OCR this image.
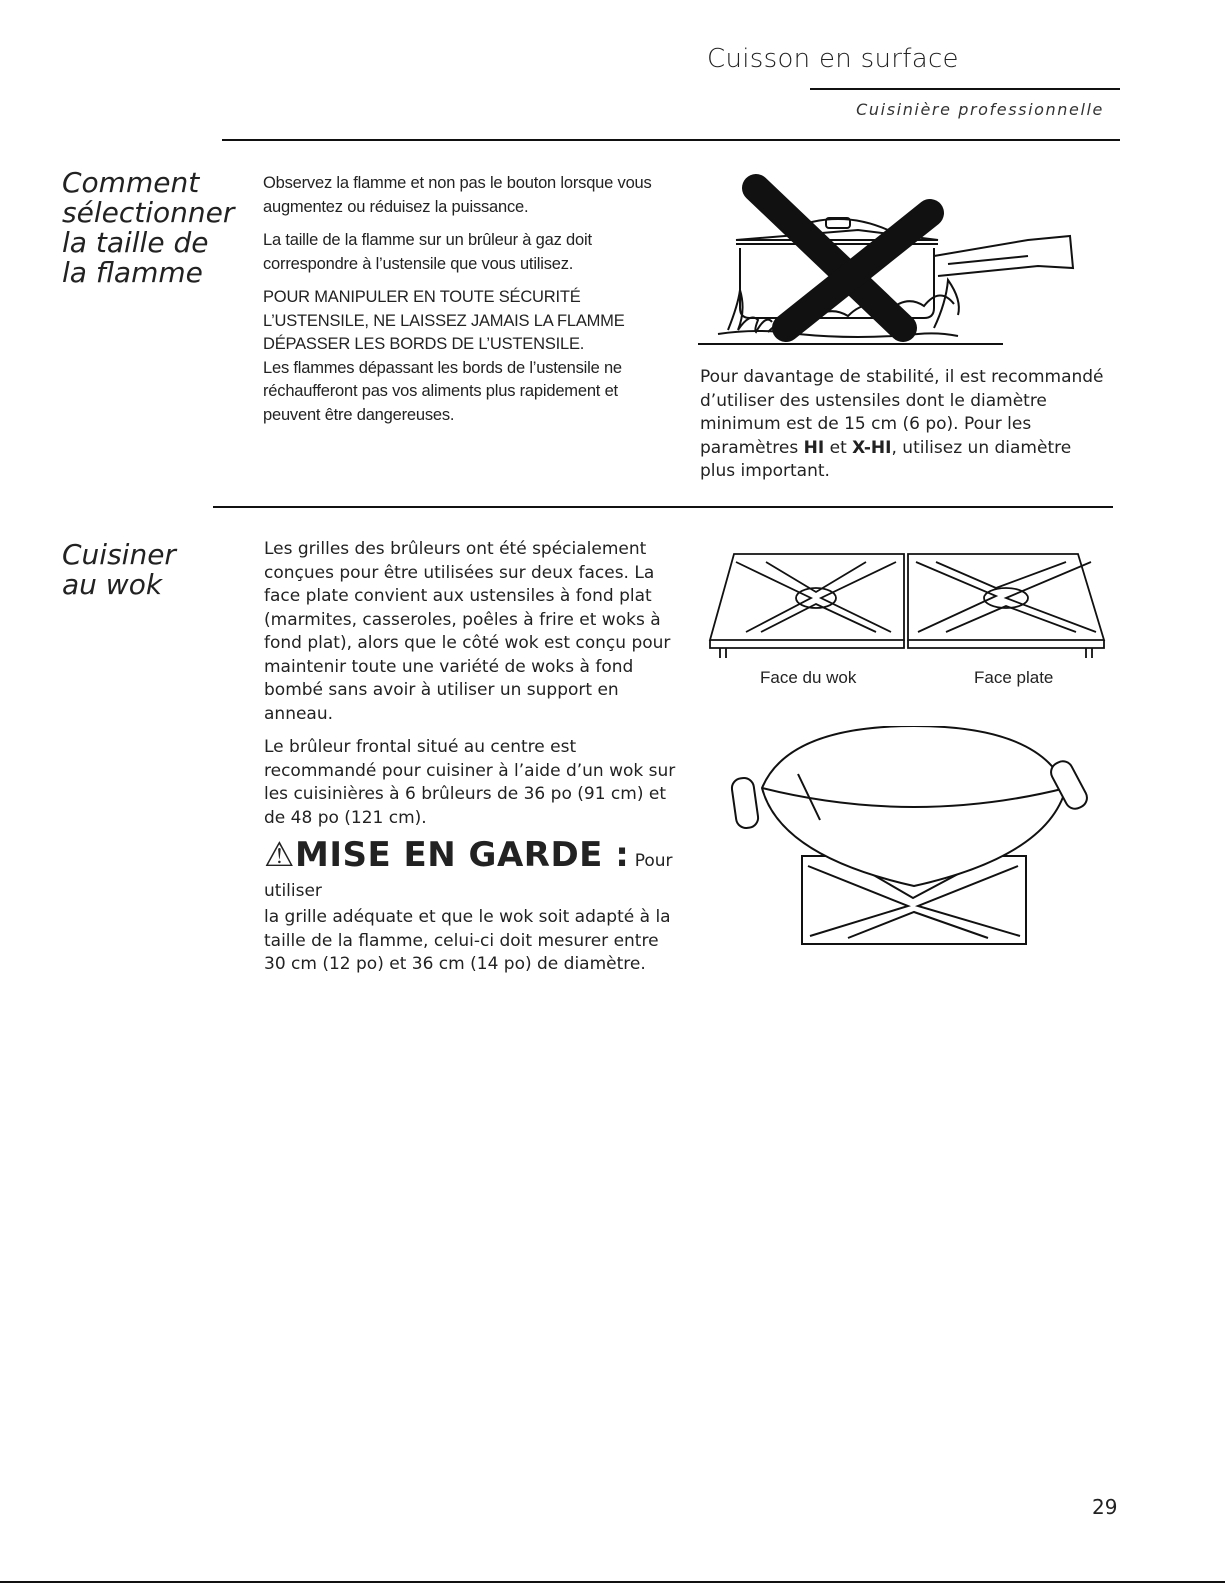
Cuisson en surface
Cuisinière professionnelle
Comment
sélectionner
la taille de
la flamme

Observez la flamme et non pas le bouton lorsque vous augmentez ou réduisez la puissance.

La taille de la flamme sur un brûleur à gaz doit correspondre à l’ustensile que vous utilisez.

POUR MANIPULER EN TOUTE SÉCURITÉ L’USTENSILE, NE LAISSEZ JAMAIS LA FLAMME DÉPASSER LES BORDS DE L’USTENSILE.

Les flammes dépassant les bords de l’ustensile ne réchaufferont pas vos aliments plus rapidement et peuvent être dangereuses.

Pour davantage de stabilité, il est recommandé d’utiliser des ustensiles dont le diamètre minimum est de 15 cm (6 po). Pour les paramètres HI et X-HI, utilisez un diamètre plus important.
Cuisiner
au wok

Les grilles des brûleurs ont été spécialement conçues pour être utilisées sur deux faces. La face plate convient aux ustensiles à fond plat (marmites, casseroles, poêles à frire et woks à fond plat), alors que le côté wok est conçu pour maintenir toute une variété de woks à fond bombé sans avoir à utiliser un support en anneau.

Le brûleur frontal situé au centre est recommandé pour cuisiner à l’aide d’un wok sur les cuisinières à 6 brûleurs de 36 po (91 cm) et de 48 po (121 cm).

⚠MISE EN GARDE : Pour utiliser
la grille adéquate et que le wok soit adapté à la taille de la flamme, celui-ci doit mesurer entre 30 cm (12 po) et 36 cm (14 po) de diamètre.
Face du wok	Face plate
29
